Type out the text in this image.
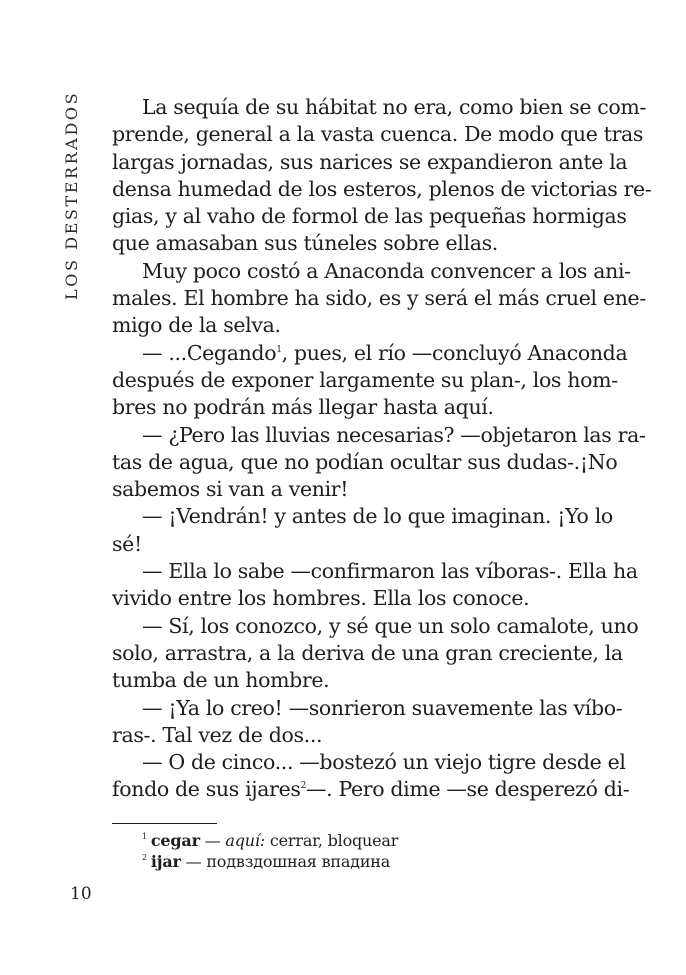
LOS DESTERRADOS	La sequía de su hábitat no era, como bien se com-
prende, general a la vasta cuenca. De modo que tras
largas jornadas, sus narices se expandieron ante la
densa humedad de los esteros, plenos de victorias re-
gias, y al vaho de formol de las pequeñas hormigas
que amasaban sus túneles sobre ellas.
Muy poco costó a Anaconda convencer a los ani-
males. El hombre ha sido, es y será el más cruel ene-
migo de la selva.
— ...Cegando$^1$, pues, el río —concluyó Anaconda
después de exponer largamente su plan-, los hom-
bres no podrán más llegar hasta aquí.
— ¿Pero las lluvias necesarias? —objetaron las ra-
tas de agua, que no podían ocultar sus dudas-.¡No
sabemos si van a venir!
— ¡Vendrán! y antes de lo que imaginan. ¡Yo lo
sé!
— Ella lo sabe —confirmaron las víboras-. Ella ha
vivido entre los hombres. Ella los conoce.
— Sí, los conozco, y sé que un solo camalote, uno
solo, arrastra, a la deriva de una gran creciente, la
tumba de un hombre.
— ¡Ya lo creo! —sonrieron suavemente las víbo-
ras-. Tal vez de dos...
— O de cinco... —bostezó un viejo tigre desde el
fondo de sus ijares$^2$—. Pero dime —se desperezó di-
$^1$ cegar — aquí: cerrar, bloquear
$^2$ ijar — подвздошная впадина
10
